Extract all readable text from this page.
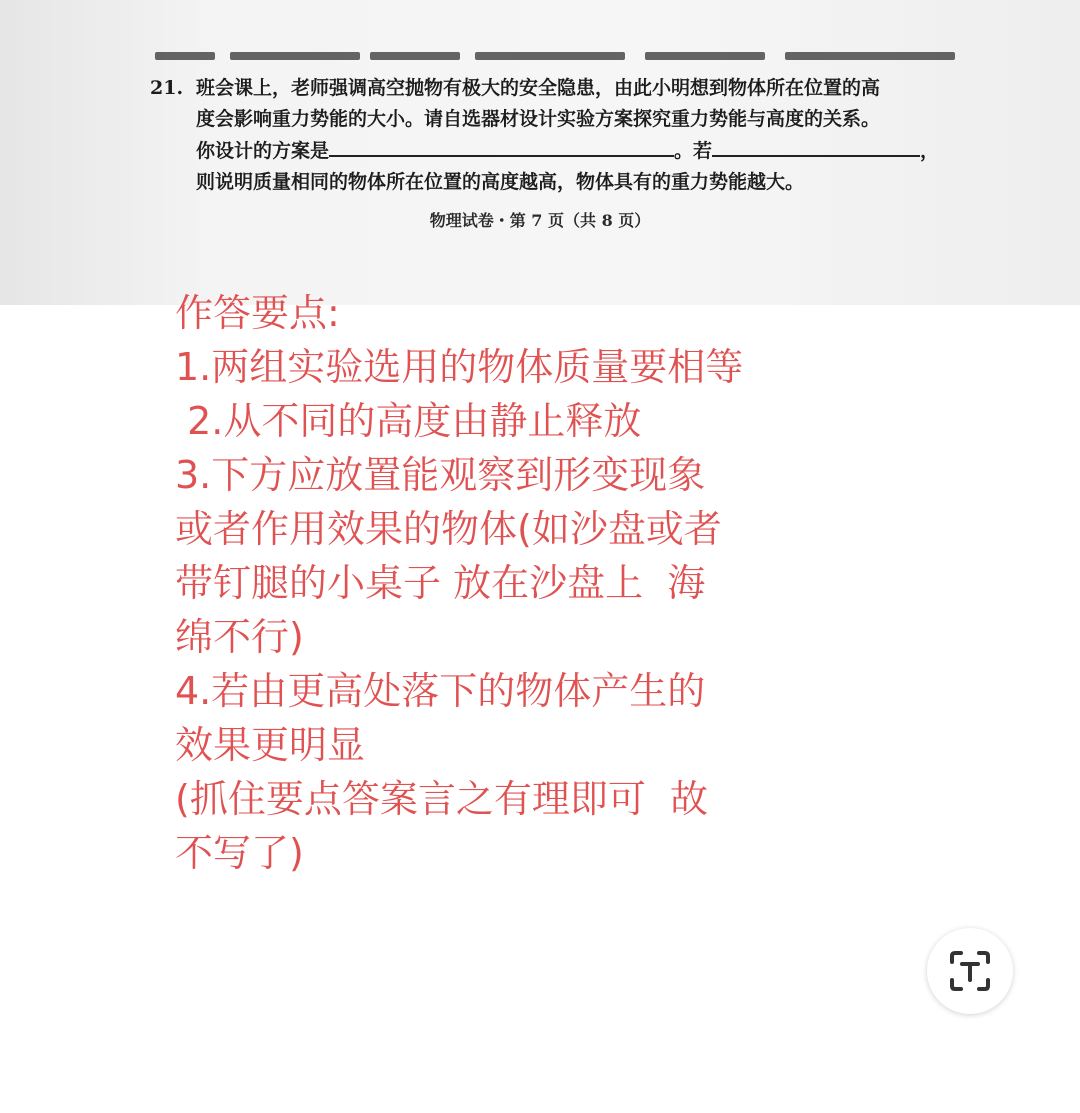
21. 班会课上，老师强调高空抛物有极大的安全隐患，由此小明想到物体所在位置的高
度会影响重力势能的大小。请自选器材设计实验方案探究重力势能与高度的关系。
你设计的方案是	。若	，
则说明质量相同的物体所在位置的高度越高，物体具有的重力势能越大。
物理试卷・第 7 页（共 8 页）
作答要点:
1.两组实验选用的物体质量要相等
2.从不同的高度由静止释放
3.下方应放置能观察到形变现象
或者作用效果的物体(如沙盘或者
带钉腿的小桌子 放在沙盘上  海
绵不行)
4.若由更高处落下的物体产生的
效果更明显
(抓住要点答案言之有理即可  故
不写了)
